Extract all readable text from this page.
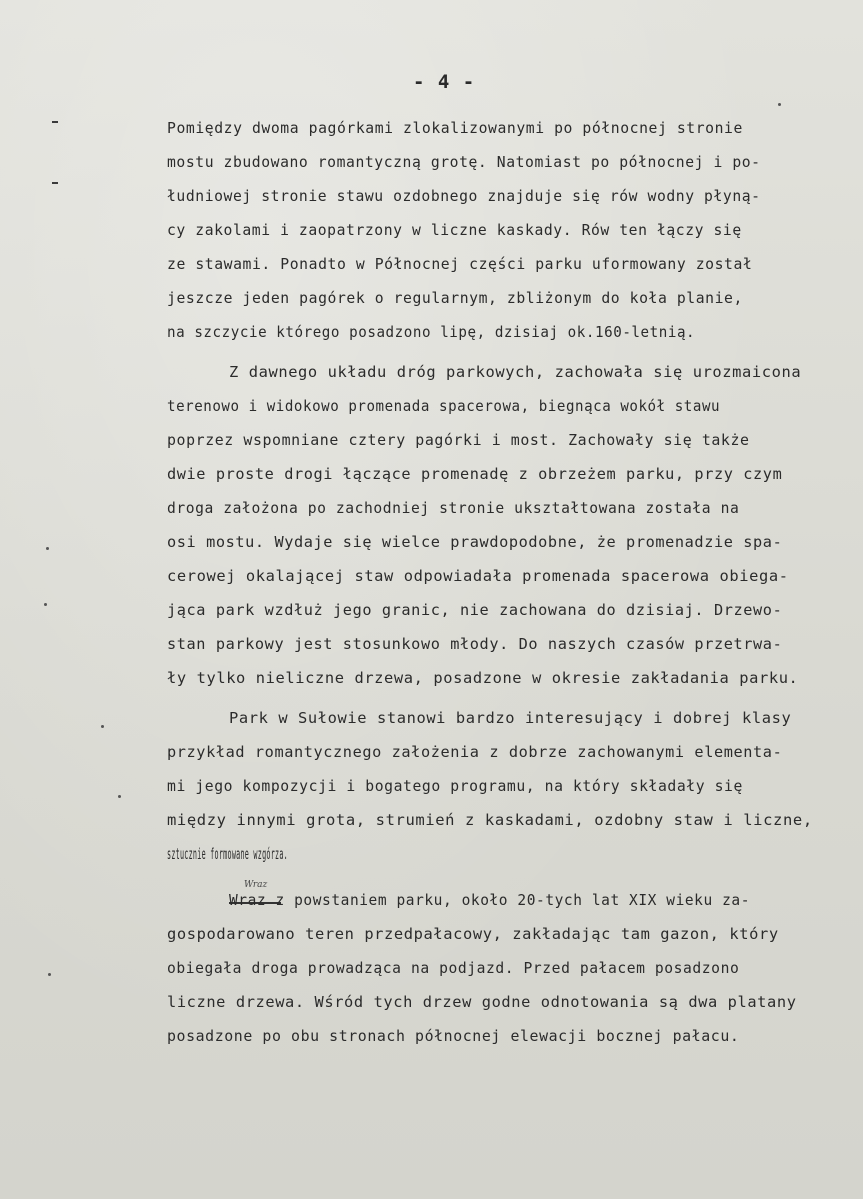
- 4 -
Wraz
Pomiędzy dwoma pagórkami zlokalizowanymi po północnej stronie
mostu zbudowano romantyczną grotę. Natomiast po północnej i po-
łudniowej stronie stawu ozdobnego znajduje się rów wodny płyną-
cy zakolami i zaopatrzony w liczne kaskady. Rów ten łączy się
ze stawami. Ponadto w Północnej części parku uformowany został
jeszcze jeden pagórek o regularnym, zbliżonym do koła planie,
na szczycie którego posadzono lipę, dzisiaj ok.160-letnią.
Z dawnego układu dróg parkowych, zachowała się urozmaicona
terenowo i widokowo promenada spacerowa, biegnąca wokół stawu
poprzez wspomniane cztery pagórki i most. Zachowały się także
dwie proste drogi łączące promenadę z obrzeżem parku, przy czym
droga założona po zachodniej stronie ukształtowana została na
osi mostu. Wydaje się wielce prawdopodobne, że promenadzie spa-
cerowej okalającej staw odpowiadała promenada spacerowa obiega-
jąca park wzdłuż jego granic, nie zachowana do dzisiaj. Drzewo-
stan parkowy jest stosunkowo młody. Do naszych czasów przetrwa-
ły tylko nieliczne drzewa, posadzone w okresie zakładania parku.
Park w Sułowie stanowi bardzo interesujący i dobrej klasy
przykład romantycznego założenia z dobrze zachowanymi elementa-
mi jego kompozycji i bogatego programu, na który składały się
między innymi grota, strumień z kaskadami, ozdobny staw i liczne,
sztucznie formowane wzgórza.
Wraz z powstaniem parku, około 20-tych lat XIX wieku za-
gospodarowano teren przedpałacowy, zakładając tam gazon, który
obiegała droga prowadząca na podjazd. Przed pałacem posadzono
liczne drzewa. Wśród tych drzew godne odnotowania są dwa platany
posadzone po obu stronach północnej elewacji bocznej pałacu.
